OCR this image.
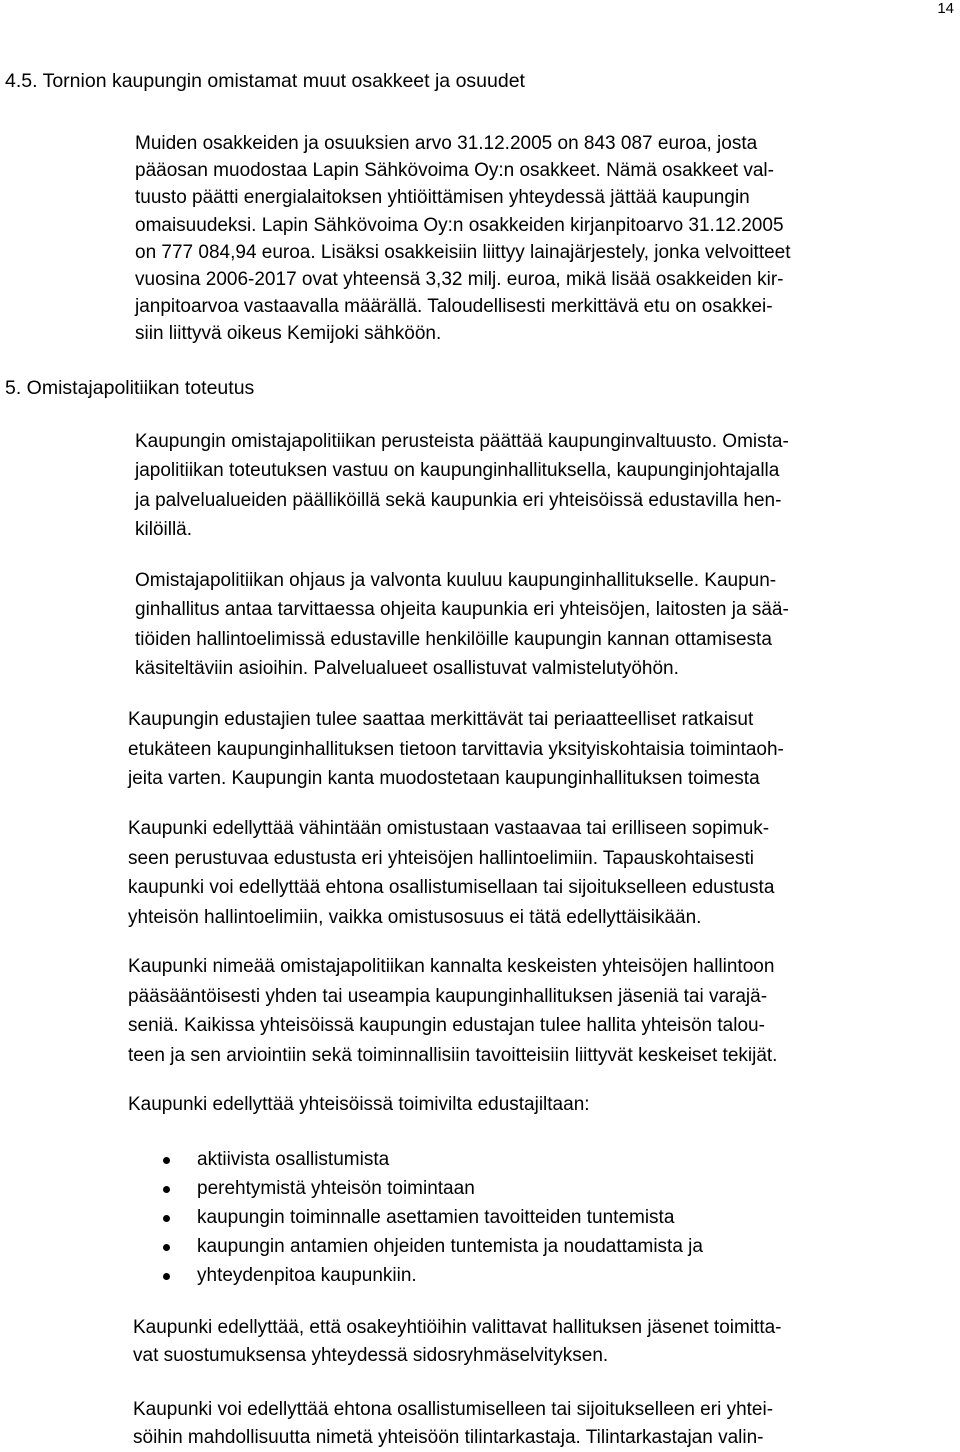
14
4.5. Tornion kaupungin omistamat muut osakkeet ja osuudet

Muiden osakkeiden ja osuuksien arvo 31.12.2005 on 843 087 euroa, josta
pääosan muodostaa Lapin Sähkövoima Oy:n osakkeet. Nämä osakkeet val-
tuusto päätti energialaitoksen yhtiöittämisen yhteydessä jättää kaupungin
omaisuudeksi. Lapin Sähkövoima Oy:n osakkeiden kirjanpitoarvo 31.12.2005
on 777 084,94 euroa. Lisäksi osakkeisiin liittyy lainajärjestely, jonka velvoitteet
vuosina 2006-2017 ovat yhteensä 3,32 milj. euroa, mikä lisää osakkeiden kir-
janpitoarvoa vastaavalla määrällä. Taloudellisesti merkittävä etu on osakkei-
siin liittyvä oikeus Kemijoki sähköön.

5. Omistajapolitiikan toteutus

Kaupungin omistajapolitiikan perusteista päättää kaupunginvaltuusto. Omista-
japolitiikan toteutuksen vastuu on kaupunginhallituksella, kaupunginjohtajalla
ja palvelualueiden päälliköillä sekä kaupunkia eri yhteisöissä edustavilla hen-
kilöillä.

Omistajapolitiikan ohjaus ja valvonta kuuluu kaupunginhallitukselle. Kaupun-
ginhallitus antaa tarvittaessa ohjeita kaupunkia eri yhteisöjen, laitosten ja sää-
tiöiden hallintoelimissä edustaville henkilöille kaupungin kannan ottamisesta
käsiteltäviin asioihin. Palvelualueet osallistuvat valmistelutyöhön.

Kaupungin edustajien tulee saattaa merkittävät tai periaatteelliset ratkaisut
etukäteen kaupunginhallituksen tietoon tarvittavia yksityiskohtaisia toimintaoh-
jeita varten. Kaupungin kanta muodostetaan kaupunginhallituksen toimesta

Kaupunki edellyttää vähintään omistustaan vastaavaa tai erilliseen sopimuk-
seen perustuvaa edustusta eri yhteisöjen hallintoelimiin. Tapauskohtaisesti
kaupunki voi edellyttää ehtona osallistumisellaan tai sijoitukselleen edustusta
yhteisön hallintoelimiin, vaikka omistusosuus ei tätä edellyttäisikään.

Kaupunki nimeää omistajapolitiikan kannalta keskeisten yhteisöjen hallintoon
pääsääntöisesti yhden tai useampia kaupunginhallituksen jäseniä tai varajä-
seniä. Kaikissa yhteisöissä kaupungin edustajan tulee hallita yhteisön talou-
teen ja sen arviointiin sekä toiminnallisiin tavoitteisiin liittyvät keskeiset tekijät.

Kaupunki edellyttää yhteisöissä toimivilta edustajiltaan:

aktiivista osallistumista
perehtymistä yhteisön toimintaan
kaupungin toiminnalle asettamien tavoitteiden tuntemista
kaupungin antamien ohjeiden tuntemista ja noudattamista ja
yhteydenpitoa kaupunkiin.

Kaupunki edellyttää, että osakeyhtiöihin valittavat hallituksen jäsenet toimitta-
vat suostumuksensa yhteydessä sidosryhmäselvityksen.

Kaupunki voi edellyttää ehtona osallistumiselleen tai sijoitukselleen eri yhtei-
söihin mahdollisuutta nimetä yhteisöön tilintarkastaja. Tilintarkastajan valin-
